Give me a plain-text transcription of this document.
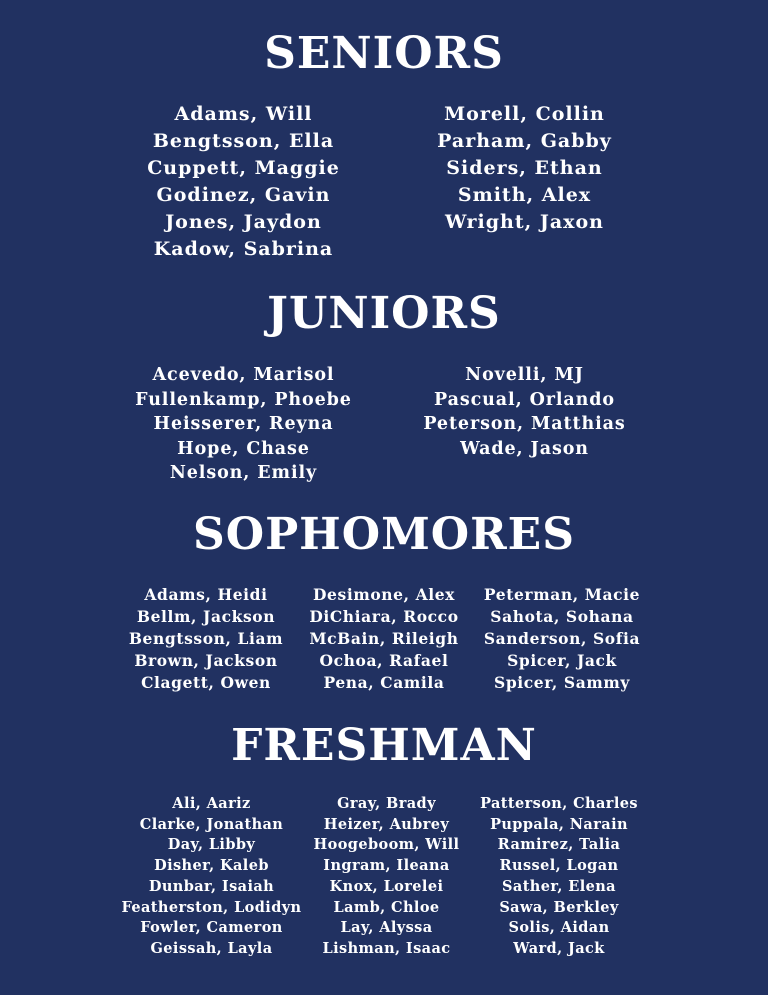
SENIORS
Adams, Will
Bengtsson, Ella
Cuppett, Maggie
Godinez, Gavin
Jones, Jaydon
Kadow, Sabrina
Morell, Collin
Parham, Gabby
Siders, Ethan
Smith, Alex
Wright, Jaxon
JUNIORS
Acevedo, Marisol
Fullenkamp, Phoebe
Heisserer, Reyna
Hope, Chase
Nelson, Emily
Novelli, MJ
Pascual, Orlando
Peterson, Matthias
Wade, Jason
SOPHOMORES
Adams, Heidi
Bellm, Jackson
Bengtsson, Liam
Brown, Jackson
Clagett, Owen
Desimone, Alex
DiChiara, Rocco
McBain, Rileigh
Ochoa, Rafael
Pena, Camila
Peterman, Macie
Sahota, Sohana
Sanderson, Sofia
Spicer, Jack
Spicer, Sammy
FRESHMAN
Ali, Aariz
Clarke, Jonathan
Day, Libby
Disher, Kaleb
Dunbar, Isaiah
Featherston, Lodidyn
Fowler, Cameron
Geissah, Layla
Gray, Brady
Heizer, Aubrey
Hoogeboom, Will
Ingram, Ileana
Knox, Lorelei
Lamb, Chloe
Lay, Alyssa
Lishman, Isaac
Patterson, Charles
Puppala, Narain
Ramirez, Talia
Russel, Logan
Sather, Elena
Sawa, Berkley
Solis, Aidan
Ward, Jack
